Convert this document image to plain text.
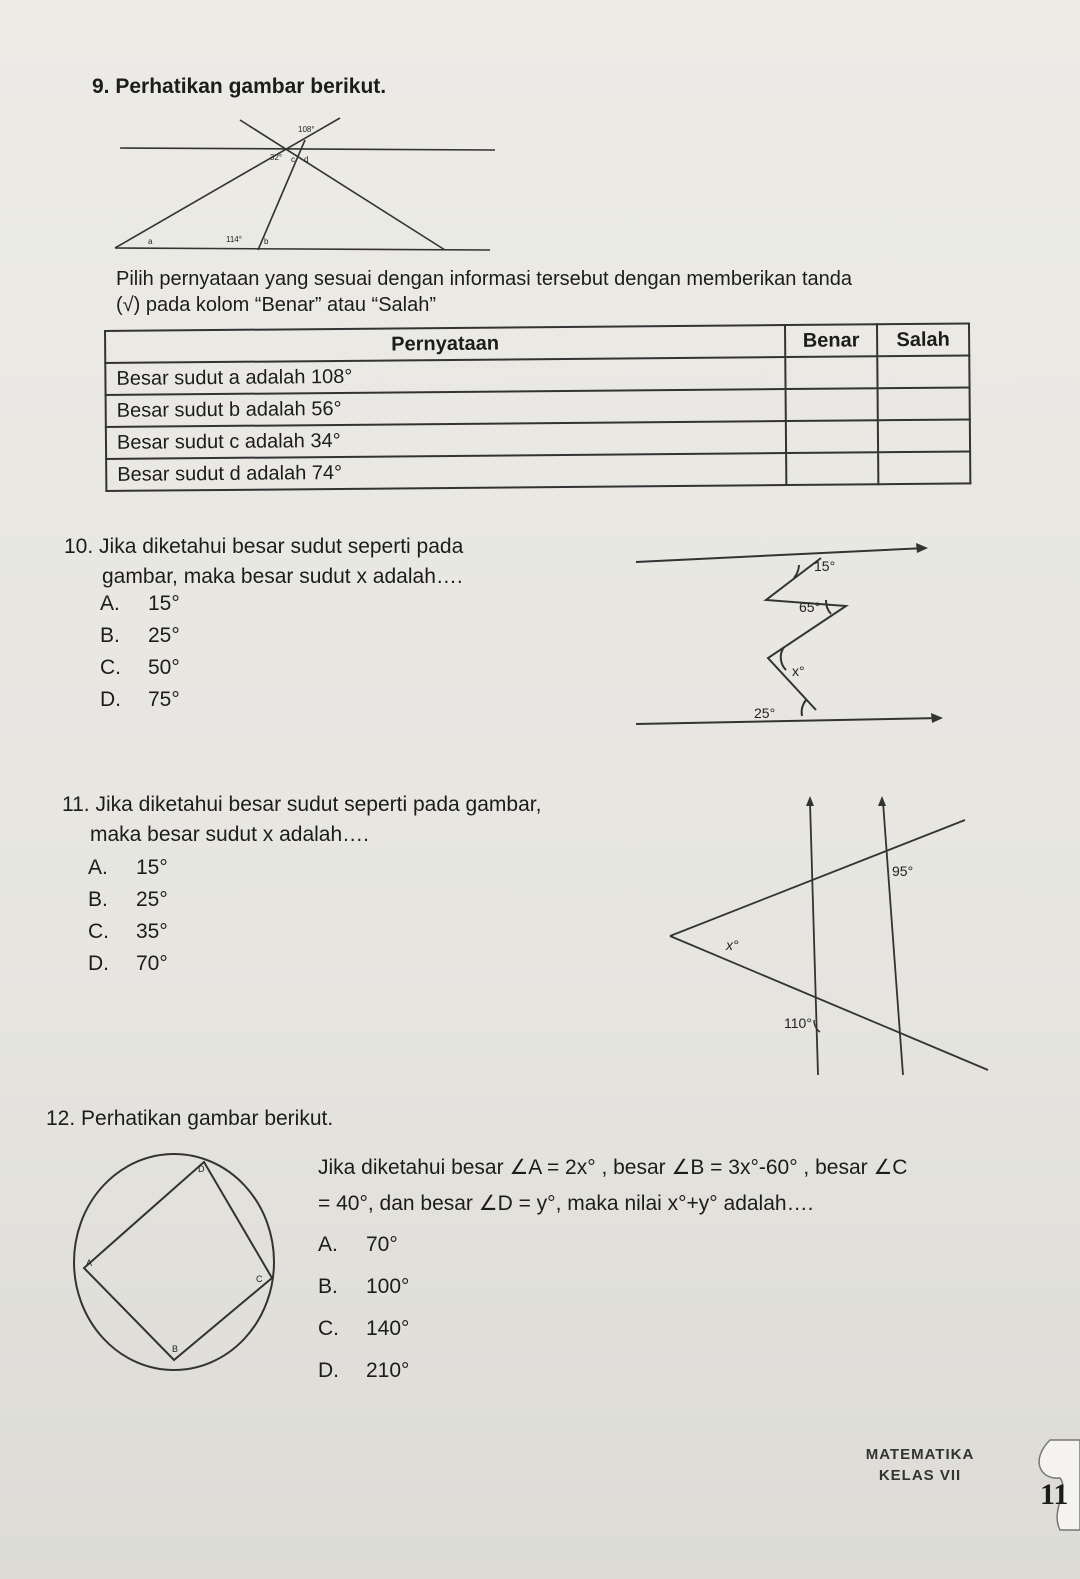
9. Perhatikan gambar berikut.
108°
32° c d
a	114°	b
Pilih pernyataan yang sesuai dengan informasi tersebut dengan memberikan tanda
(√) pada kolom “Benar” atau “Salah”
Pernyataan	Benar	Salah
Besar sudut a adalah 108°		
Besar sudut b adalah 56°		
Besar sudut c adalah 34°		
Besar sudut d adalah 74°		
10. Jika diketahui besar sudut seperti pada
gambar, maka besar sudut x adalah….
A. 15°
B. 25°
C. 50°
D. 75°
15°
65°
x°
25°
11. Jika diketahui besar sudut seperti pada gambar,
maka besar sudut x adalah….
A. 15°
B. 25°
C. 35°
D. 70°
95°
x°
110°
12. Perhatikan gambar berikut.
D
A
C
B
Jika diketahui besar ∠A = 2x° , besar ∠B = 3x°-60° , besar ∠C
= 40°, dan besar ∠D = y°, maka nilai x°+y° adalah….
A. 70°
B. 100°
C. 140°
D. 210°
MATEMATIKA
KELAS VII
11
